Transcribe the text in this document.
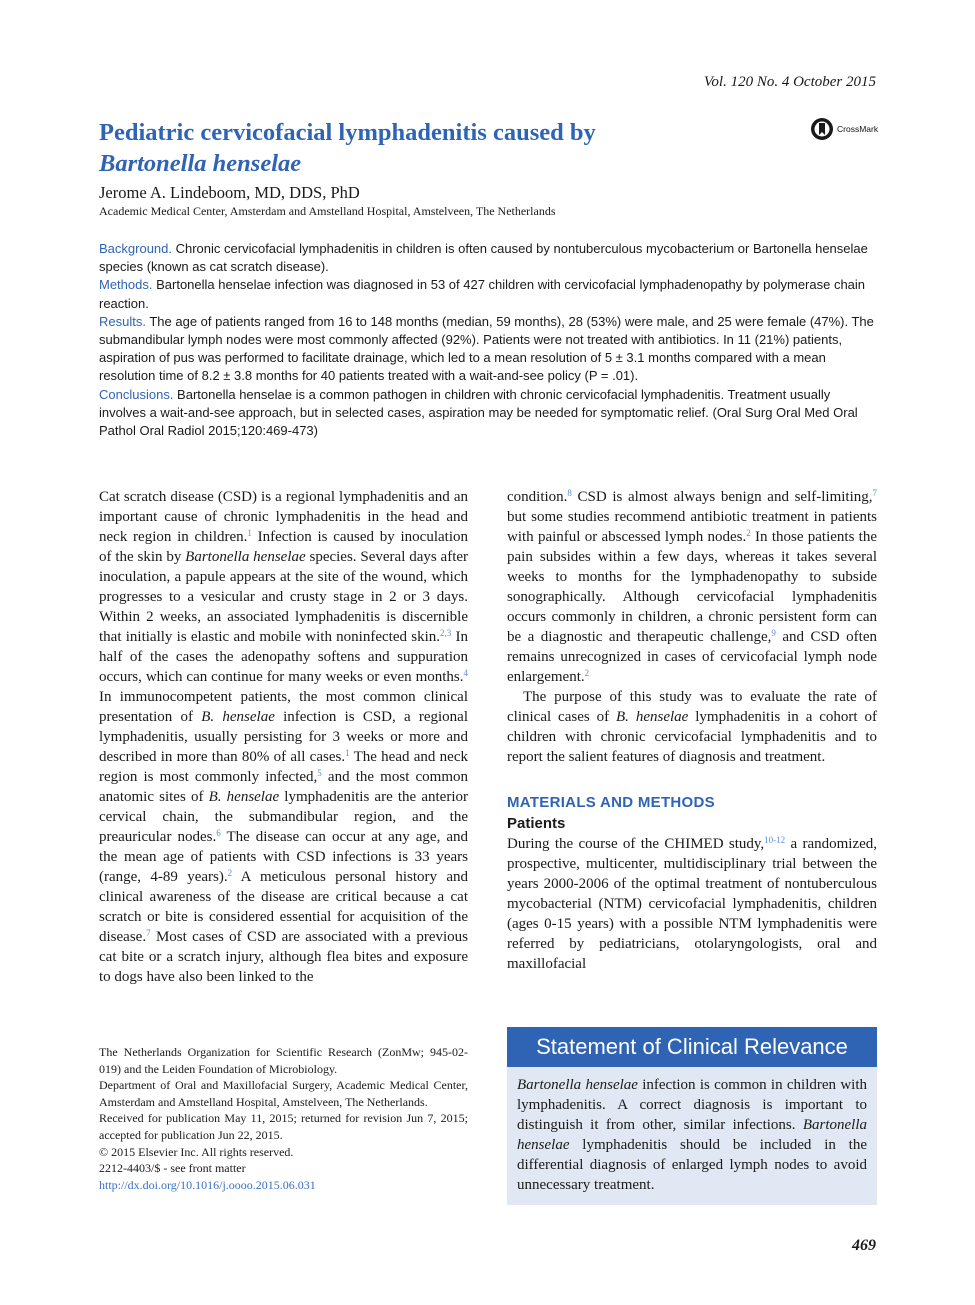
Vol. 120 No. 4 October 2015
Pediatric cervicofacial lymphadenitis caused by
Bartonella henselae
CrossMark
Jerome A. Lindeboom, MD, DDS, PhD
Academic Medical Center, Amsterdam and Amstelland Hospital, Amstelveen, The Netherlands

Background. Chronic cervicofacial lymphadenitis in children is often caused by nontuberculous mycobacterium or Bartonella henselae species (known as cat scratch disease).

Methods. Bartonella henselae infection was diagnosed in 53 of 427 children with cervicofacial lymphadenopathy by polymerase chain reaction.

Results. The age of patients ranged from 16 to 148 months (median, 59 months), 28 (53%) were male, and 25 were female (47%). The submandibular lymph nodes were most commonly affected (92%). Patients were not treated with antibiotics. In 11 (21%) patients, aspiration of pus was performed to facilitate drainage, which led to a mean resolution of 5 ± 3.1 months compared with a mean resolution time of 8.2 ± 3.8 months for 40 patients treated with a wait-and-see policy (P = .01).

Conclusions. Bartonella henselae is a common pathogen in children with chronic cervicofacial lymphadenitis. Treatment usually involves a wait-and-see approach, but in selected cases, aspiration may be needed for symptomatic relief. (Oral Surg Oral Med Oral Pathol Oral Radiol 2015;120:469-473)

Cat scratch disease (CSD) is a regional lymphadenitis and an important cause of chronic lymphadenitis in the head and neck region in children.$^1$ Infection is caused by inoculation of the skin by Bartonella henselae species. Several days after inoculation, a papule appears at the site of the wound, which progresses to a vesicular and crusty stage in 2 or 3 days. Within 2 weeks, an associated lymphadenitis is discernible that initially is elastic and mobile with noninfected skin.$^{2,3}$ In half of the cases the adenopathy softens and suppuration occurs, which can continue for many weeks or even months.$^4$ In immunocompetent patients, the most common clinical presentation of B. henselae infection is CSD, a regional lymphadenitis, usually persisting for 3 weeks or more and described in more than 80% of all cases.$^1$ The head and neck region is most commonly infected,$^5$ and the most common anatomic sites of B. henselae lymphadenitis are the anterior cervical chain, the submandibular region, and the preauricular nodes.$^6$ The disease can occur at any age, and the mean age of patients with CSD infections is 33 years (range, 4-89 years).$^2$ A meticulous personal history and clinical awareness of the disease are critical because a cat scratch or bite is considered essential for acquisition of the disease.$^7$ Most cases of CSD are associated with a previous cat bite or a scratch injury, although flea bites and exposure to dogs have also been linked to the

The Netherlands Organization for Scientific Research (ZonMw; 945-02-019) and the Leiden Foundation of Microbiology.

Department of Oral and Maxillofacial Surgery, Academic Medical Center, Amsterdam and Amstelland Hospital, Amstelveen, The Netherlands.

Received for publication May 11, 2015; returned for revision Jun 7, 2015; accepted for publication Jun 22, 2015.

© 2015 Elsevier Inc. All rights reserved.

2212-4403/$ - see front matter

http://dx.doi.org/10.1016/j.oooo.2015.06.031

condition.$^8$ CSD is almost always benign and self-limiting,$^7$ but some studies recommend antibiotic treatment in patients with painful or abscessed lymph nodes.$^2$ In those patients the pain subsides within a few days, whereas it takes several weeks to months for the lymphadenopathy to subside sonographically. Although cervicofacial lymphadenitis occurs commonly in children, a chronic persistent form can be a diagnostic and therapeutic challenge,$^9$ and CSD often remains unrecognized in cases of cervicofacial lymph node enlargement.$^2$

The purpose of this study was to evaluate the rate of clinical cases of B. henselae lymphadenitis in a cohort of children with chronic cervicofacial lymphadenitis and to report the salient features of diagnosis and treatment.

MATERIALS AND METHODS
Patients

During the course of the CHIMED study,$^{10-12}$ a randomized, prospective, multicenter, multidisciplinary trial between the years 2000-2006 of the optimal treatment of nontuberculous mycobacterial (NTM) cervicofacial lymphadenitis, children (ages 0-15 years) with a possible NTM lymphadenitis were referred by pediatricians, otolaryngologists, oral and maxillofacial

Statement of Clinical Relevance
Bartonella henselae infection is common in children with lymphadenitis. A correct diagnosis is important to distinguish it from other, similar infections. Bartonella henselae lymphadenitis should be included in the differential diagnosis of enlarged lymph nodes to avoid unnecessary treatment.
469
